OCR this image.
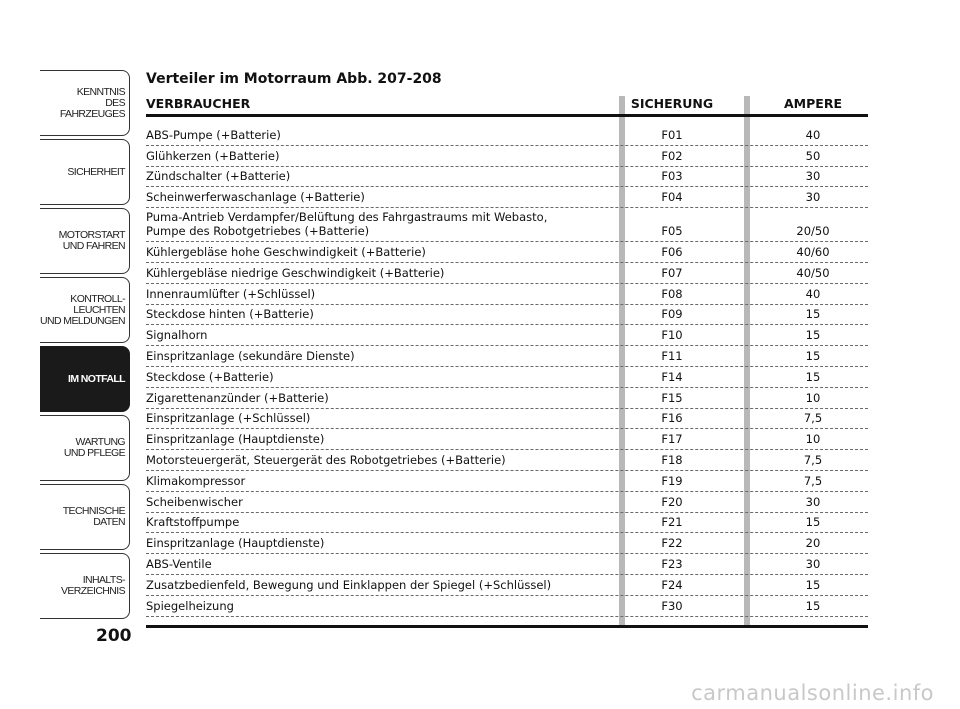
KENNTNIS
DES FAHRZEUGES
SICHERHEIT
MOTORSTART
UND FAHREN
KONTROLL-
LEUCHTEN
UND MELDUNGEN
IM NOTFALL
WARTUNG
UND PFLEGE
TECHNISCHE
DATEN
INHALTS-
VERZEICHNIS
200
Verteiler im Motorraum Abb. 207-208
VERBRAUCHER	SICHERUNG	AMPERE
ABS-Pumpe (+Batterie)	F01	40
Glühkerzen (+Batterie)	F02	50
Zündschalter (+Batterie)	F03	30
Scheinwerferwaschanlage (+Batterie)	F04	30
Puma-Antrieb Verdampfer/Belüftung des Fahrgastraums mit Webasto,
Pumpe des Robotgetriebes (+Batterie)	F05	20/50
Kühlergebläse hohe Geschwindigkeit (+Batterie)	F06	40/60
Kühlergebläse niedrige Geschwindigkeit (+Batterie)	F07	40/50
Innenraumlüfter (+Schlüssel)	F08	40
Steckdose hinten (+Batterie)	F09	15
Signalhorn	F10	15
Einspritzanlage (sekundäre Dienste)	F11	15
Steckdose (+Batterie)	F14	15
Zigarettenanzünder (+Batterie)	F15	10
Einspritzanlage (+Schlüssel)	F16	7,5
Einspritzanlage (Hauptdienste)	F17	10
Motorsteuergerät, Steuergerät des Robotgetriebes (+Batterie)	F18	7,5
Klimakompressor	F19	7,5
Scheibenwischer	F20	30
Kraftstoffpumpe	F21	15
Einspritzanlage (Hauptdienste)	F22	20
ABS-Ventile	F23	30
Zusatzbedienfeld, Bewegung und Einklappen der Spiegel (+Schlüssel)	F24	15
Spiegelheizung	F30	15
carmanualsonline.info
